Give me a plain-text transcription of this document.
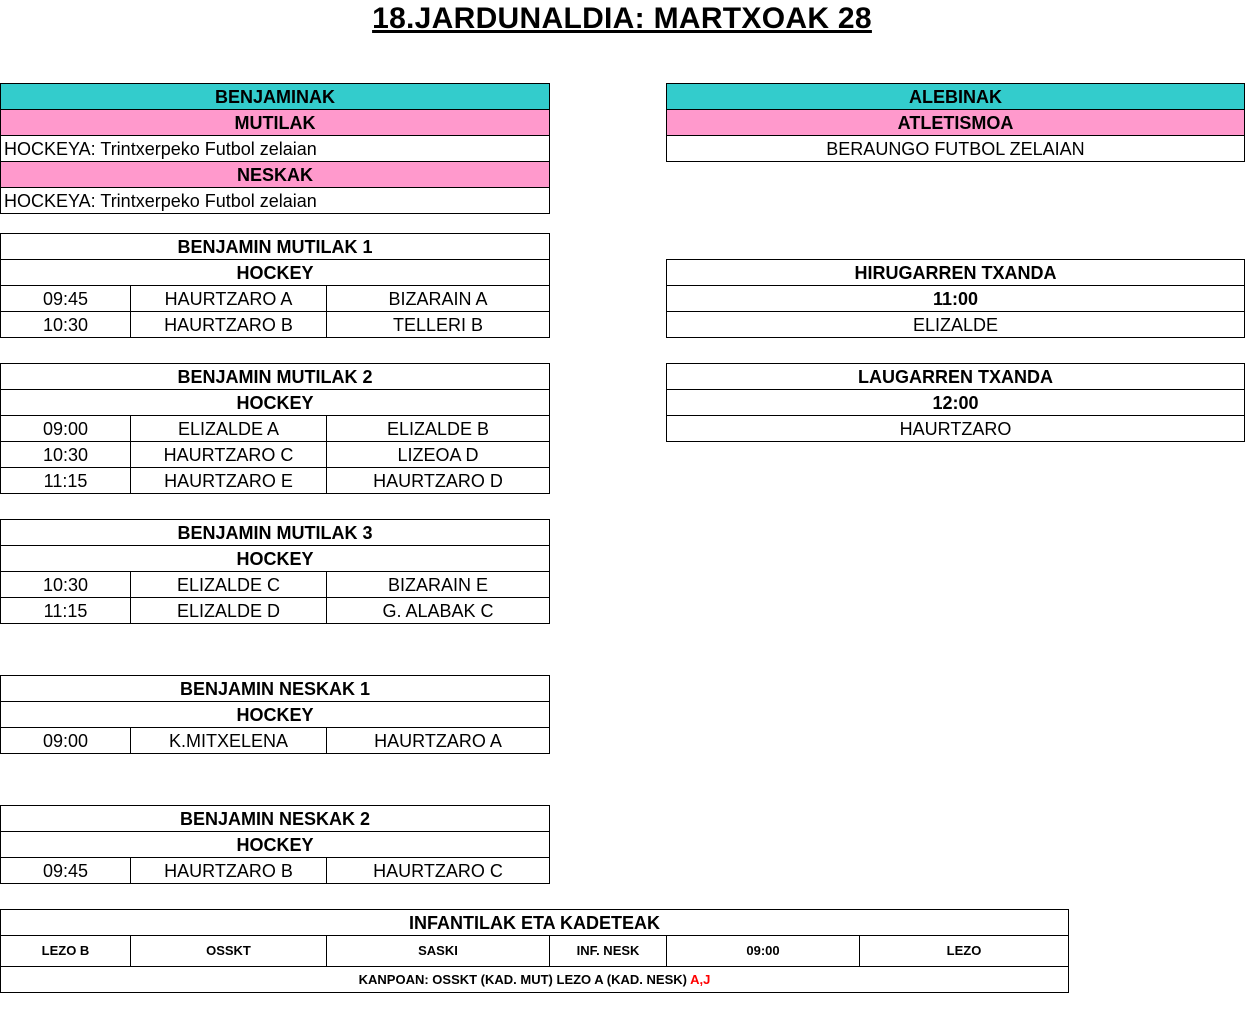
18.JARDUNALDIA: MARTXOAK 28
BENJAMINAK
MUTILAK
HOCKEYA: Trintxerpeko Futbol zelaian
NESKAK
HOCKEYA: Trintxerpeko Futbol zelaian
ALEBINAK
ATLETISMOA
BERAUNGO FUTBOL ZELAIAN
BENJAMIN MUTILAK 1		
HOCKEY		
09:45	HAURTZARO A	BIZARAIN A
10:30	HAURTZARO B	TELLERI B
BENJAMIN MUTILAK 2		
HOCKEY		
09:00	ELIZALDE A	ELIZALDE B
10:30	HAURTZARO C	LIZEOA D
11:15	HAURTZARO E	HAURTZARO D
BENJAMIN MUTILAK 3		
HOCKEY		
10:30	ELIZALDE C	BIZARAIN E
11:15	ELIZALDE D	G. ALABAK C
BENJAMIN NESKAK 1
HOCKEY
09:00	K.MITXELENA	HAURTZARO A
BENJAMIN NESKAK 2
HOCKEY
09:45	HAURTZARO B	HAURTZARO C
HIRUGARREN TXANDA
11:00
ELIZALDE
LAUGARREN TXANDA
12:00
HAURTZARO
INFANTILAK ETA KADETEAK
LEZO B	OSSKT	SASKI	INF. NESK	09:00	LEZO
KANPOAN: OSSKT (KAD. MUT) LEZO A (KAD. NESK) A,J
